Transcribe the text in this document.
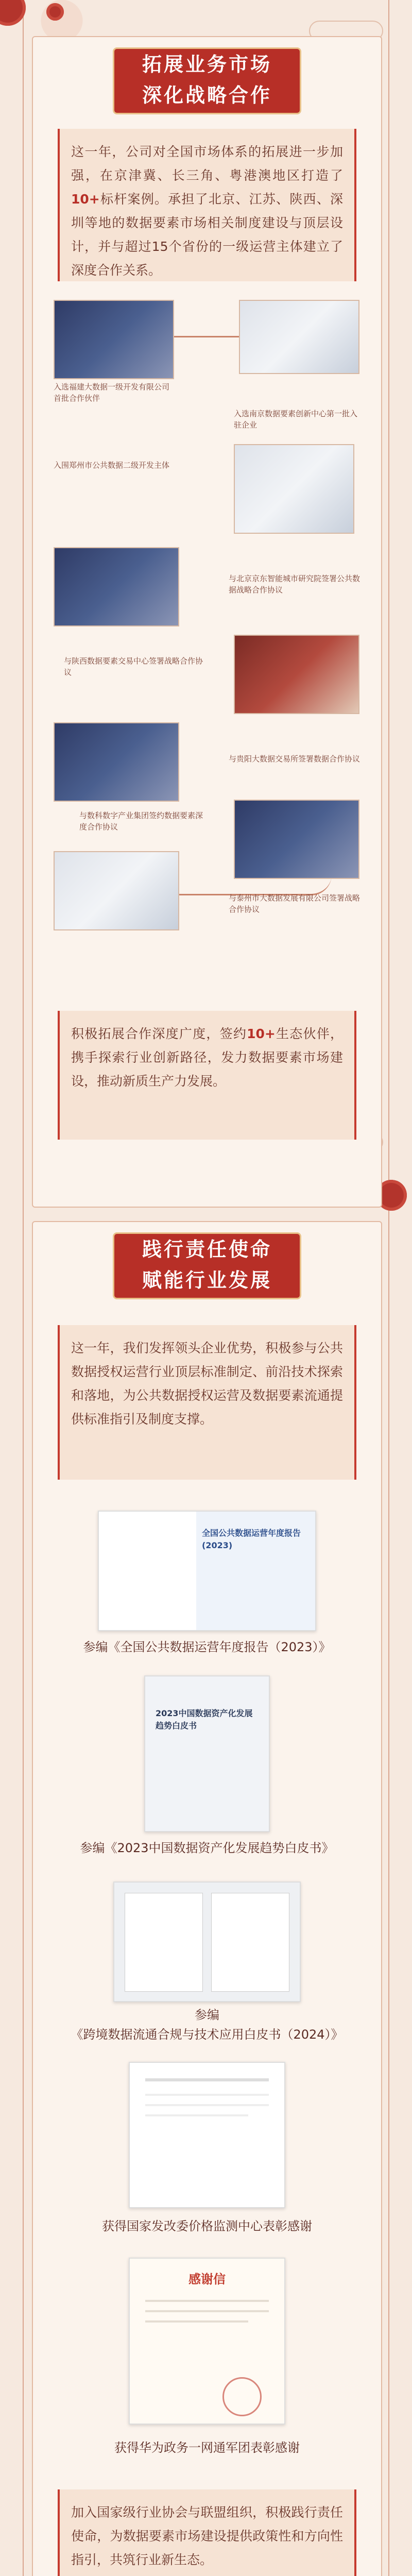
拓展业务市场
深化战略合作
这一年，公司对全国市场体系的拓展进一步加强，在京津冀、长三角、粤港澳地区打造了10+标杆案例。承担了北京、江苏、陕西、深圳等地的数据要素市场相关制度建设与顶层设计，并与超过15个省份的一级运营主体建立了深度合作关系。
入选福建大数据一级开发有限公司首批合作伙伴
入选南京数据要素创新中心第一批入驻企业
入围郑州市公共数据二级开发主体
与北京京东智能城市研究院签署公共数据战略合作协议
与陕西数据要素交易中心签署战略合作协议
与贵阳大数据交易所签署数据合作协议
与数科数字产业集团签约数据要素深度合作协议
与泰州市大数据发展有限公司签署战略合作协议
积极拓展合作深度广度，签约10+生态伙伴，携手探索行业创新路径，发力数据要素市场建设，推动新质生产力发展。
践行责任使命
赋能行业发展
这一年，我们发挥领头企业优势，积极参与公共数据授权运营行业顶层标准制定、前沿技术探索和落地，为公共数据授权运营及数据要素流通提供标准指引及制度支撑。
全国公共数据运营年度报告(2023)
参编《全国公共数据运营年度报告（2023）》
2023中国数据资产化发展趋势白皮书
参编《2023中国数据资产化发展趋势白皮书》
参编
《跨境数据流通合规与技术应用白皮书（2024）》
获得国家发改委价格监测中心表彰感谢
感谢信
获得华为政务一网通军团表彰感谢
加入国家级行业协会与联盟组织，积极践行责任使命，为数据要素市场建设提供政策性和方向性指引，共筑行业新生态。
